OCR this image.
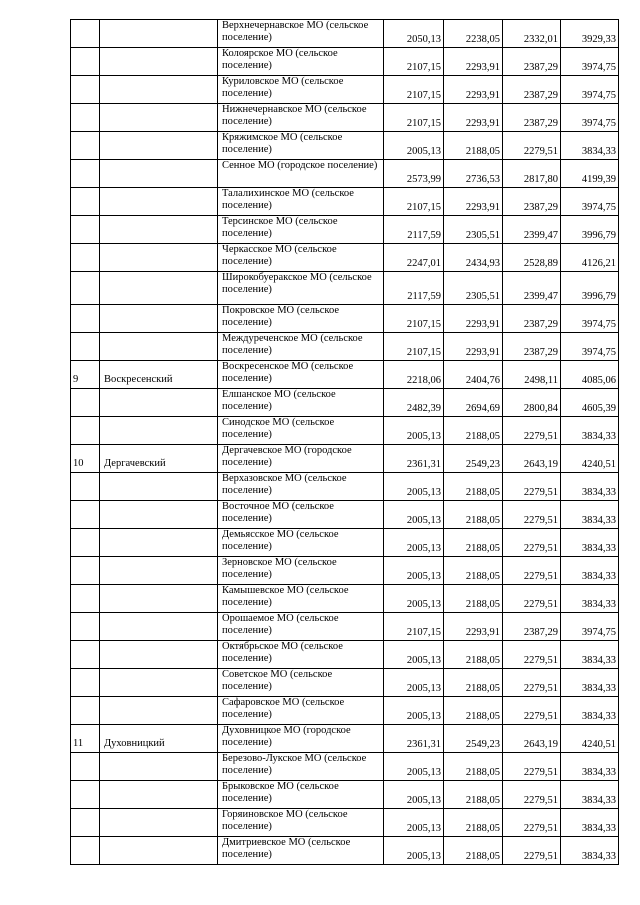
		Верхнечернавское МО (сельское поселение)	2050,13	2238,05	2332,01	3929,33
		Колоярское МО (сельское поселение)	2107,15	2293,91	2387,29	3974,75
		Куриловское МО (сельское поселение)	2107,15	2293,91	2387,29	3974,75
		Нижнечернавское МО (сельское поселение)	2107,15	2293,91	2387,29	3974,75
		Кряжимское МО (сельское поселение)	2005,13	2188,05	2279,51	3834,33
		Сенное МО (городское поселение)	2573,99	2736,53	2817,80	4199,39
		Талалихинское МО (сельское поселение)	2107,15	2293,91	2387,29	3974,75
		Терсинское МО (сельское поселение)	2117,59	2305,51	2399,47	3996,79
		Черкасское МО (сельское поселение)	2247,01	2434,93	2528,89	4126,21
		Широкобуеракское МО (сельское поселение)	2117,59	2305,51	2399,47	3996,79
		Покровское МО (сельское поселение)	2107,15	2293,91	2387,29	3974,75
		Междуреченское МО (сельское поселение)	2107,15	2293,91	2387,29	3974,75
9	Воскресенский	Воскресенское МО (сельское поселение)	2218,06	2404,76	2498,11	4085,06
		Елшанское МО (сельское поселение)	2482,39	2694,69	2800,84	4605,39
		Синодское МО (сельское поселение)	2005,13	2188,05	2279,51	3834,33
10	Дергачевский	Дергачевское МО (городское поселение)	2361,31	2549,23	2643,19	4240,51
		Верхазовское МО (сельское поселение)	2005,13	2188,05	2279,51	3834,33
		Восточное МО (сельское поселение)	2005,13	2188,05	2279,51	3834,33
		Демьясское МО (сельское поселение)	2005,13	2188,05	2279,51	3834,33
		Зерновское МО (сельское поселение)	2005,13	2188,05	2279,51	3834,33
		Камышевское МО (сельское поселение)	2005,13	2188,05	2279,51	3834,33
		Орошаемое МО (сельское поселение)	2107,15	2293,91	2387,29	3974,75
		Октябрьское МО (сельское поселение)	2005,13	2188,05	2279,51	3834,33
		Советское МО (сельское поселение)	2005,13	2188,05	2279,51	3834,33
		Сафаровское МО (сельское поселение)	2005,13	2188,05	2279,51	3834,33
11	Духовницкий	Духовницкое МО (городское поселение)	2361,31	2549,23	2643,19	4240,51
		Березово-Лукское МО (сельское поселение)	2005,13	2188,05	2279,51	3834,33
		Брыковское МО (сельское поселение)	2005,13	2188,05	2279,51	3834,33
		Горяиновское МО (сельское поселение)	2005,13	2188,05	2279,51	3834,33
		Дмитриевское МО (сельское поселение)	2005,13	2188,05	2279,51	3834,33
